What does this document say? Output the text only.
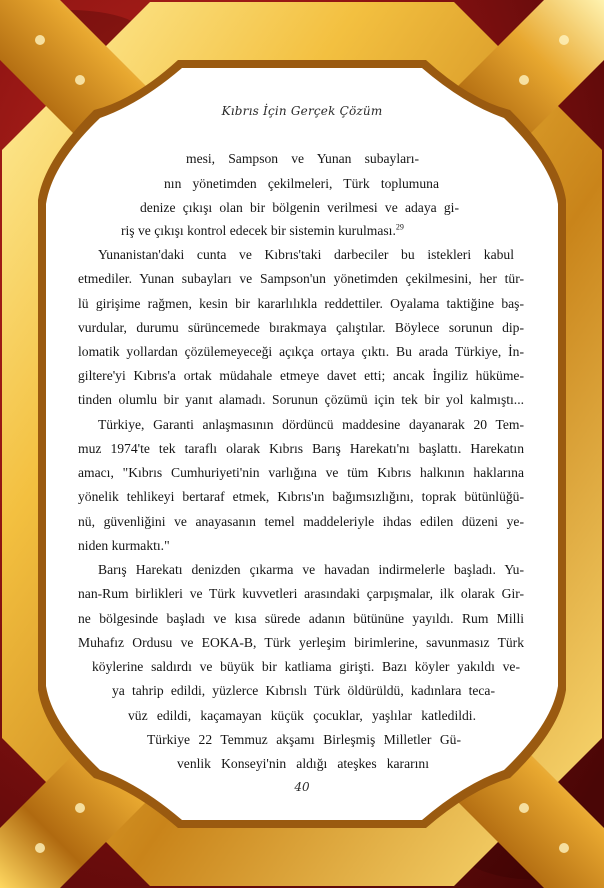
Kıbrıs İçin Gerçek Çözüm
mesi, Sampson ve Yunan subayları-
nın yönetimden çekilmeleri, Türk toplumuna
denize çıkışı olan bir bölgenin verilmesi ve adaya gi-
riş ve çıkışı kontrol edecek bir sistemin kurulması.$^{29}$
Yunanistan'daki cunta ve Kıbrıs'taki darbeciler bu istekleri kabul
etmediler. Yunan subayları ve Sampson'un yönetimden çekilmesini, her tür-
lü girişime rağmen, kesin bir kararlılıkla reddettiler. Oyalama taktiğine baş-
vurdular, durumu sürüncemede bırakmaya çalıştılar. Böylece sorunun dip-
lomatik yollardan çözülemeyeceği açıkça ortaya çıktı. Bu arada Türkiye, İn-
giltere'yi Kıbrıs'a ortak müdahale etmeye davet etti; ancak İngiliz hüküme-
tinden olumlu bir yanıt alamadı. Sorunun çözümü için tek bir yol kalmıştı...
Türkiye, Garanti anlaşmasının dördüncü maddesine dayanarak 20 Tem-
muz 1974'te tek taraflı olarak Kıbrıs Barış Harekatı'nı başlattı. Harekatın
amacı, "Kıbrıs Cumhuriyeti'nin varlığına ve tüm Kıbrıs halkının haklarına
yönelik tehlikeyi bertaraf etmek, Kıbrıs'ın bağımsızlığını, toprak bütünlüğü-
nü, güvenliğini ve anayasanın temel maddeleriyle ihdas edilen düzeni ye-
niden kurmaktı."
Barış Harekatı denizden çıkarma ve havadan indirmelerle başladı. Yu-
nan-Rum birlikleri ve Türk kuvvetleri arasındaki çarpışmalar, ilk olarak Gir-
ne bölgesinde başladı ve kısa sürede adanın bütününe yayıldı. Rum Milli
Muhafız Ordusu ve EOKA-B, Türk yerleşim birimlerine, savunmasız Türk
köylerine saldırdı ve büyük bir katliama girişti. Bazı köyler yakıldı ve-
ya tahrip edildi, yüzlerce Kıbrıslı Türk öldürüldü, kadınlara teca-
vüz edildi, kaçamayan küçük çocuklar, yaşlılar katledildi.
Türkiye 22 Temmuz akşamı Birleşmiş Milletler Gü-
venlik Konseyi'nin aldığı ateşkes kararını
40
